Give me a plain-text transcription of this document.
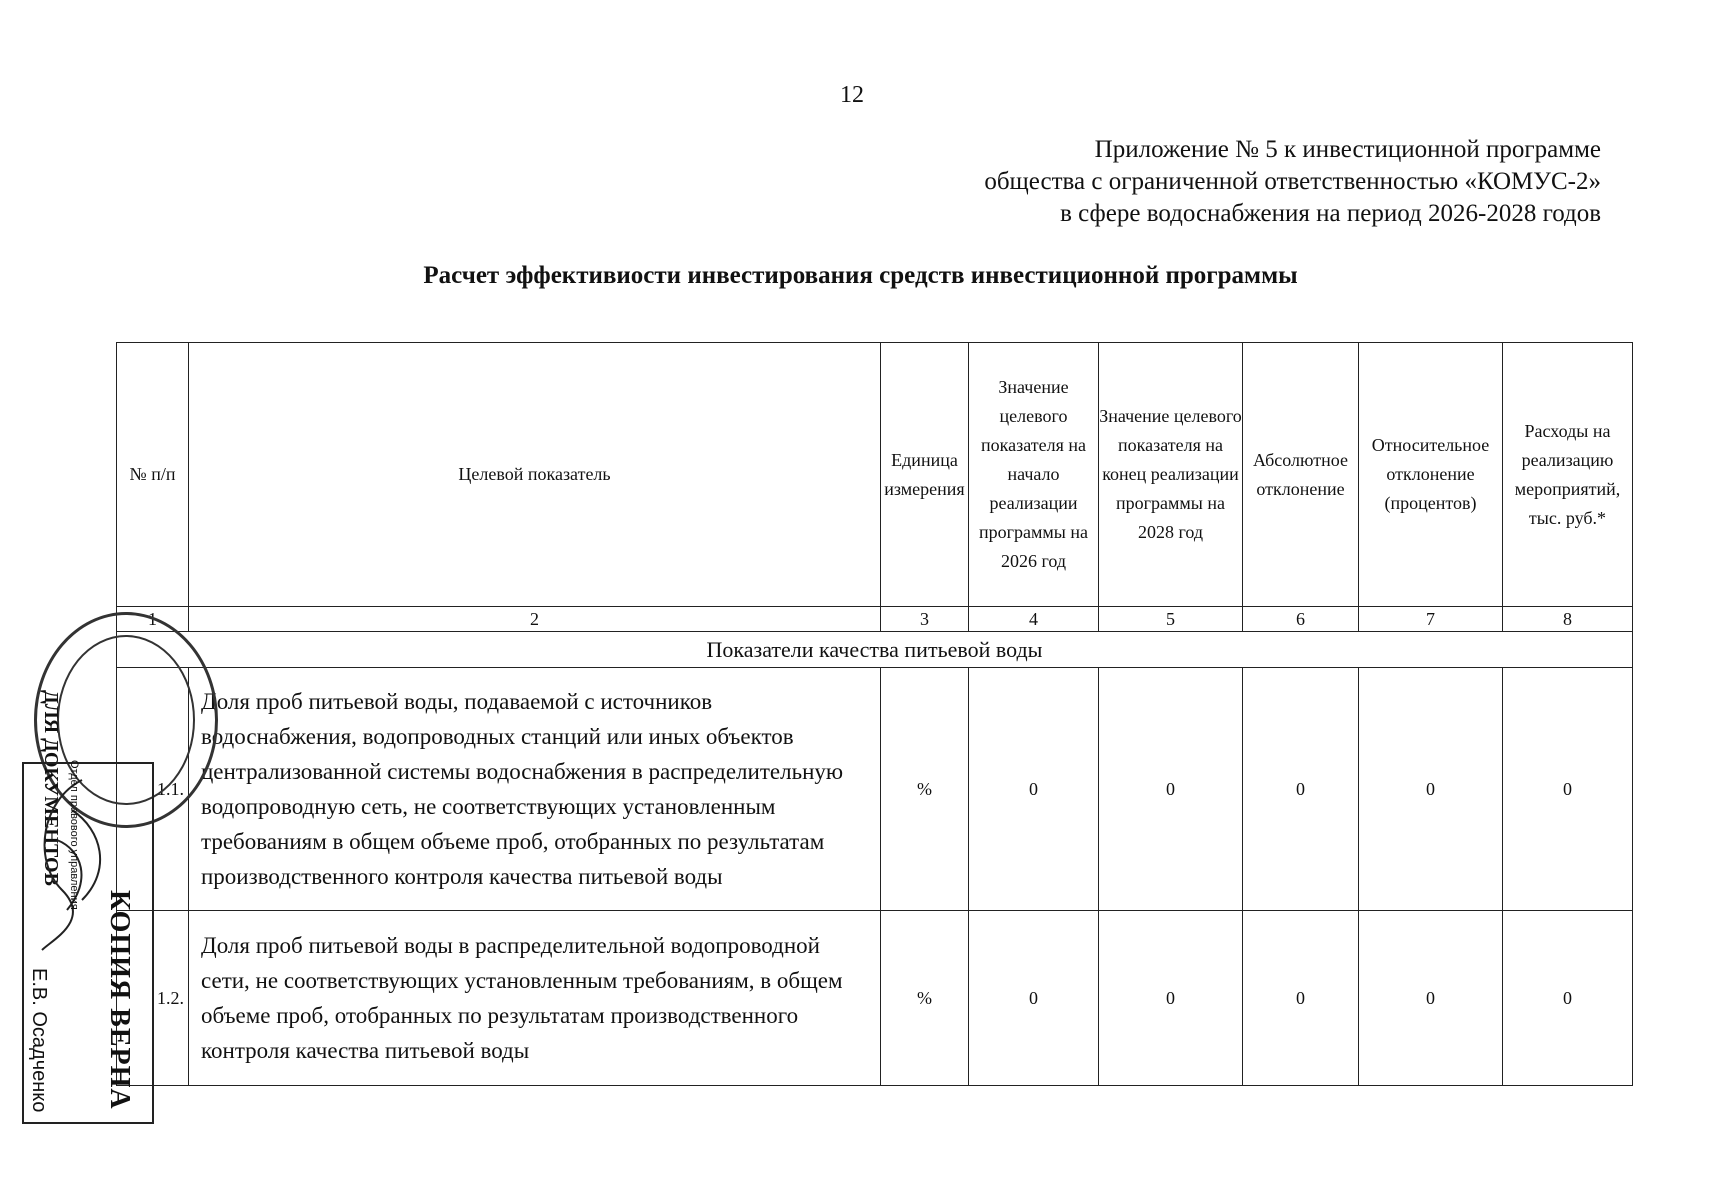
12
Приложение № 5 к инвестиционной программе
общества с ограниченной ответственностью «КОМУС-2»
в сфере водоснабжения на период 2026-2028 годов
Расчет эффективиости инвестирования средств инвестиционной программы
№ п/п	Целевой показатель	Единица измерения	Значение целевого показателя на начало реализации программы на 2026 год	Значение целевого показателя на конец реализации программы на 2028 год	Абсолютное отклонение	Относительное отклонение (процентов)	Расходы на реализацию мероприятий, тыс. руб.*
1	2	3	4	5	6	7	8
Показатели качества питьевой воды							
1.1.	Доля проб питьевой воды, подаваемой с источников водоснабжения, водопроводных станций или иных объектов централизованной системы водоснабжения в распределительную водопроводную сеть, не соответствующих установленным требованиям в общем объеме проб, отобранных по результатам производственного контроля качества питьевой воды	%	0	0	0	0	0
1.2.	Доля проб питьевой воды в распределительной водопроводной сети, не соответствующих установленным требованиям, в общем объеме проб, отобранных по результатам производственного контроля качества питьевой воды	%	0	0	0	0	0
ДЛЯ ДОКУМЕНТОВ
КОПИЯ ВЕРНА
Отдел правового управления
Е.В. Осадченко
